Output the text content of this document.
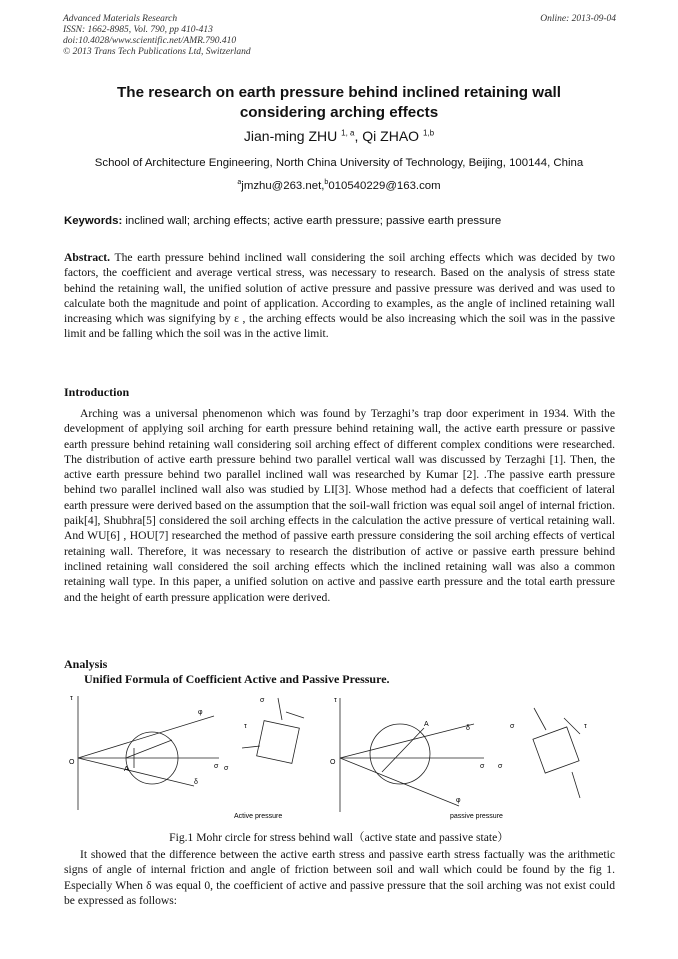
Advanced Materials Research
ISSN: 1662-8985, Vol. 790, pp 410-413
doi:10.4028/www.scientific.net/AMR.790.410
© 2013 Trans Tech Publications Ltd, Switzerland
Online: 2013-09-04
The research on earth pressure behind inclined retaining wall
considering arching effects
Jian-ming ZHU $^{1, a}$, Qi ZHAO $^{1,b}$
School of Architecture Engineering, North China University of Technology, Beijing, 100144, China
$^a$jmzhu@263.net,$^b$010540229@163.com
Keywords: inclined wall; arching effects; active earth pressure; passive earth pressure
Abstract. The earth pressure behind inclined wall considering the soil arching effects which was decided by two factors, the coefficient and average vertical stress, was necessary to research. Based on the analysis of stress state behind the retaining wall, the unified solution of active pressure and passive pressure was derived and was used to calculate both the magnitude and point of application. According to examples, as the angle of inclined retaining wall increasing which was signifying by ε , the arching effects would be also increasing which the soil was in the passive limit and be falling which the soil was in the active limit.
Introduction
Arching was a universal phenomenon which was found by Terzaghi’s trap door experiment in 1934. With the development of applying soil arching for earth pressure behind retaining wall, the active earth pressure or passive earth pressure behind retaining wall considering soil arching effect of different complex conditions were researched. The distribution of active earth pressure behind two parallel vertical wall was discussed by Terzaghi [1]. Then, the active earth pressure behind two parallel inclined wall was researched by Kumar [2]. .The passive earth pressure behind two parallel inclined wall also was studied by LI[3]. Whose method had a defects that coefficient of lateral earth pressure were derived based on the assumption that the soil-wall friction was equal soil angel of internal friction. paik[4], Shubhra[5] considered the soil arching effects in the calculation the active pressure of vertical retaining wall. And WU[6] , HOU[7] researched the method of passive earth pressure considering the soil arching effects of vertical retaining wall. Therefore, it was necessary to research the distribution of active or passive earth pressure behind inclined retaining wall considered the soil arching effects which the inclined retaining wall was also a common retaining wall type. In this paper, a unified solution on active and passive earth pressure and the total earth pressure and the height of earth pressure application were derived.
Analysis
Unified Formula of Coefficient Active and Passive Pressure.
τ
O
σ
φ
δ
A
σ
τ
σ
Active pressure
τ
O
σ
δ
φ
A	σ	τ
σ
passive pressure
Fig.1 Mohr circle for stress behind wall（active state and passive state）
It showed that the difference between the active earth stress and passive earth stress factually was the arithmetic signs of angle of internal friction and angle of friction between soil and wall which could be found by the fig 1. Especially When δ was equal 0, the coefficient of active and passive pressure that the soil arching was not exist could be expressed as follows:
